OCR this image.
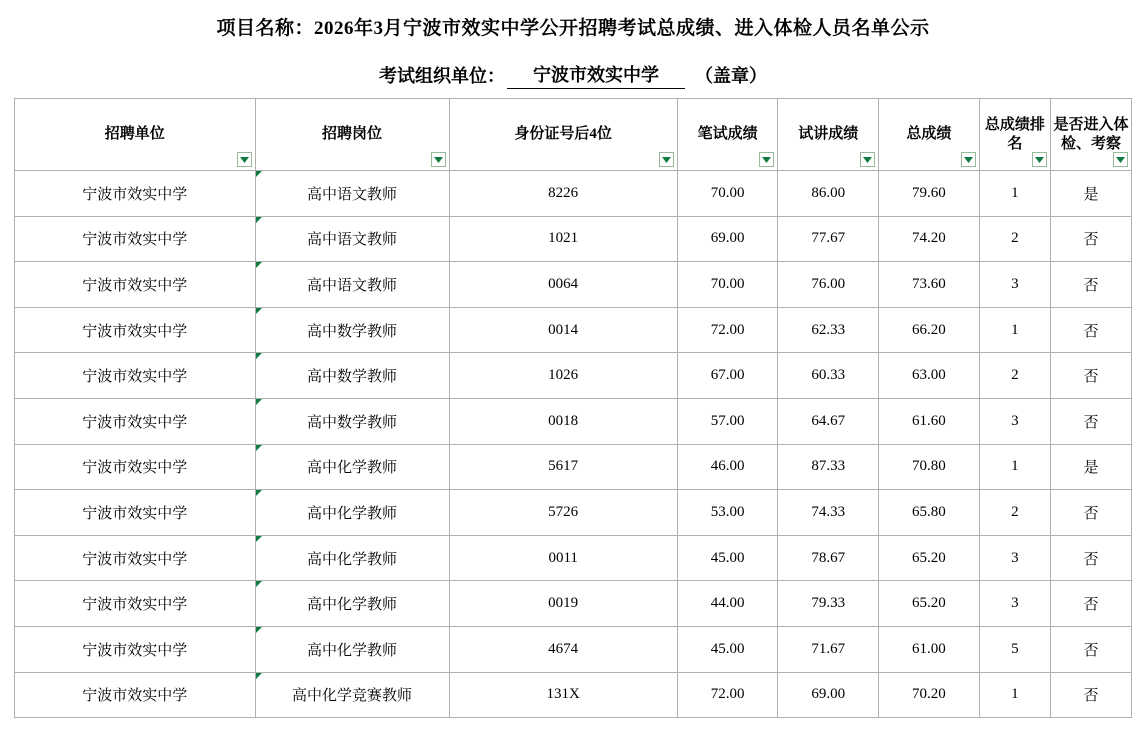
项目名称：2026年3月宁波市效实中学公开招聘考试总成绩、进入体检人员名单公示
考试组织单位：	宁波市效实中学	（盖章）
招聘单位	招聘岗位	身份证号后4位	笔试成绩	试讲成绩	总成绩	总成绩排名	是否进入体检、考察

宁波市效实中学	高中语文教师	8226	70.00	86.00	79.60	1	是
宁波市效实中学	高中语文教师	1021	69.00	77.67	74.20	2	否
宁波市效实中学	高中语文教师	0064	70.00	76.00	73.60	3	否
宁波市效实中学	高中数学教师	0014	72.00	62.33	66.20	1	否
宁波市效实中学	高中数学教师	1026	67.00	60.33	63.00	2	否
宁波市效实中学	高中数学教师	0018	57.00	64.67	61.60	3	否
宁波市效实中学	高中化学教师	5617	46.00	87.33	70.80	1	是
宁波市效实中学	高中化学教师	5726	53.00	74.33	65.80	2	否
宁波市效实中学	高中化学教师	0011	45.00	78.67	65.20	3	否
宁波市效实中学	高中化学教师	0019	44.00	79.33	65.20	3	否
宁波市效实中学	高中化学教师	4674	45.00	71.67	61.00	5	否
宁波市效实中学	高中化学竞赛教师	131X	72.00	69.00	70.20	1	否
